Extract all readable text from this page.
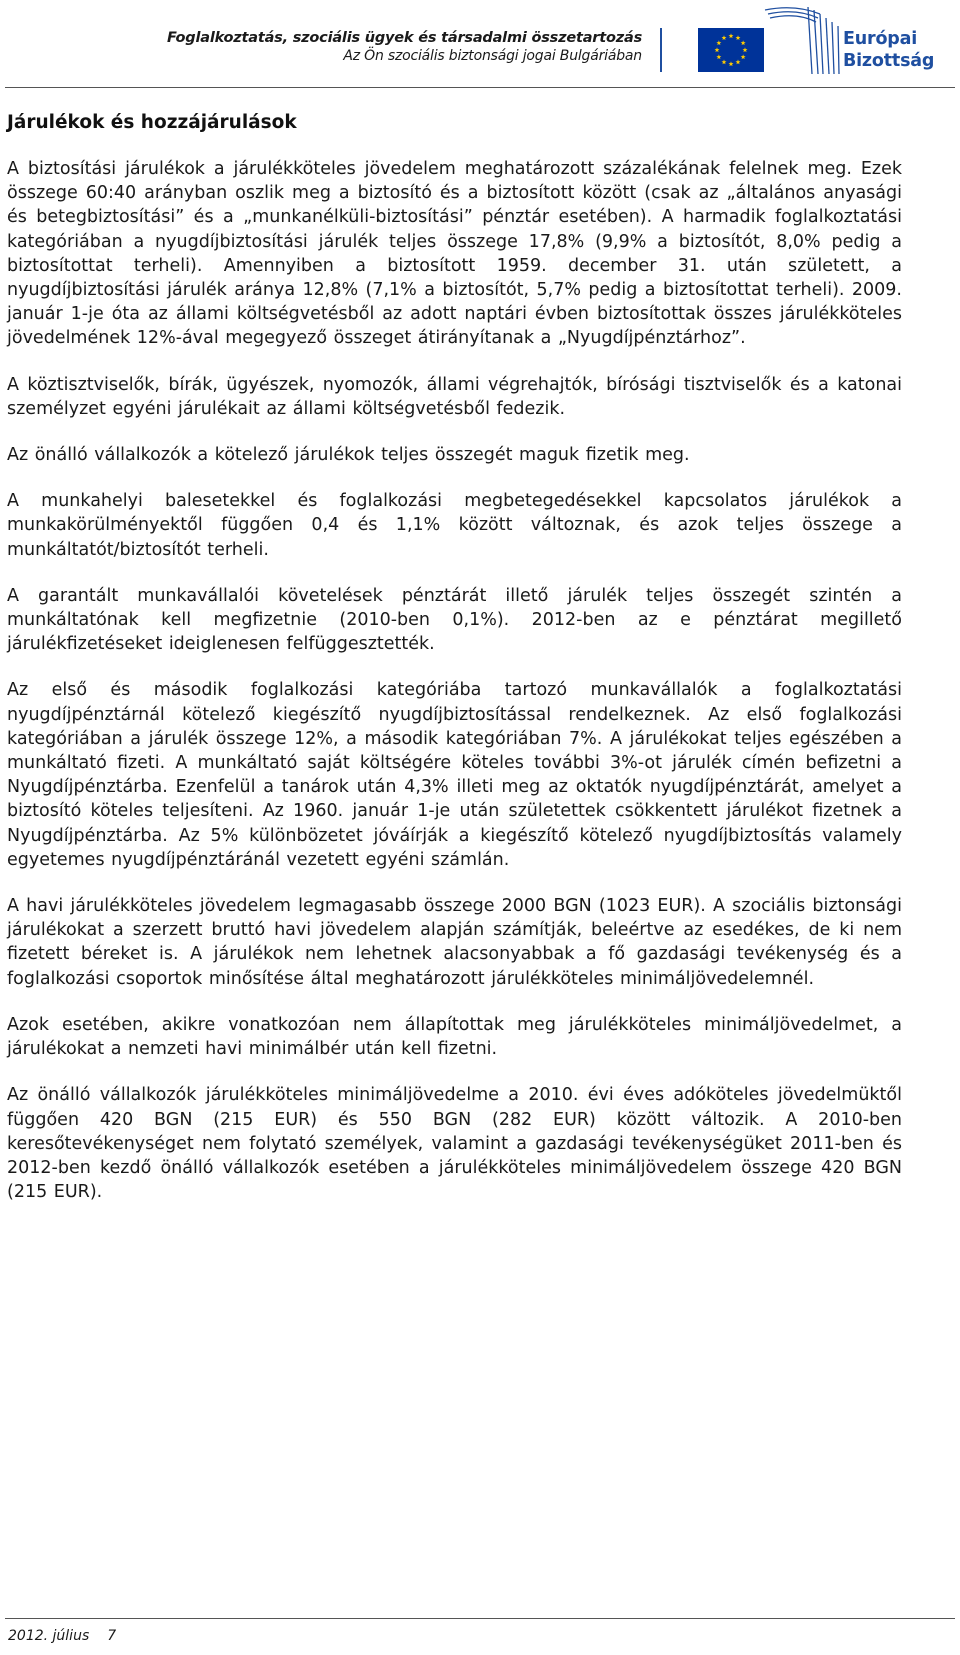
Foglalkoztatás, szociális ügyek és társadalmi összetartozás
Az Ön szociális biztonsági jogai Bulgáriában
Európai
Bizottság
Járulékok és hozzájárulások

A biztosítási járulékok a járulékköteles jövedelem meghatározott százalékának felelnek meg. Ezek összege 60:40 arányban oszlik meg a biztosító és a biztosított között (csak az „általános anyasági és betegbiztosítási” és a „munkanélküli-biztosítási” pénztár esetében). A harmadik foglalkoztatási kategóriában a nyugdíjbiztosítási járulék teljes összege 17,8% (9,9% a biztosítót, 8,0% pedig a biztosítottat terheli). Amennyiben a biztosított 1959. december 31. után született, a nyugdíjbiztosítási járulék aránya 12,8% (7,1% a biztosítót, 5,7% pedig a biztosítottat terheli). 2009. január 1-je óta az állami költségvetésből az adott naptári évben biztosítottak összes járulékköteles jövedelmének 12%-ával megegyező összeget átirányítanak a „Nyugdíjpénztárhoz”.

A köztisztviselők, bírák, ügyészek, nyomozók, állami végrehajtók, bírósági tisztviselők és a katonai személyzet egyéni járulékait az állami költségvetésből fedezik.

Az önálló vállalkozók a kötelező járulékok teljes összegét maguk fizetik meg.

A munkahelyi balesetekkel és foglalkozási megbetegedésekkel kapcsolatos járulékok a munkakörülményektől függően 0,4 és 1,1% között változnak, és azok teljes összege a munkáltatót/biztosítót terheli.

A garantált munkavállalói követelések pénztárát illető járulék teljes összegét szintén a munkáltatónak kell megfizetnie (2010-ben 0,1%). 2012-ben az e pénztárat megillető járulékfizetéseket ideiglenesen felfüggesztették.

Az első és második foglalkozási kategóriába tartozó munkavállalók a foglalkoztatási nyugdíjpénztárnál kötelező kiegészítő nyugdíjbiztosítással rendelkeznek. Az első foglalkozási kategóriában a járulék összege 12%, a második kategóriában 7%. A járulékokat teljes egészében a munkáltató fizeti. A munkáltató saját költségére köteles további 3%-ot járulék címén befizetni a Nyugdíjpénztárba. Ezenfelül a tanárok után 4,3% illeti meg az oktatók nyugdíjpénztárát, amelyet a biztosító köteles teljesíteni. Az 1960. január 1-je után születettek csökkentett járulékot fizetnek a Nyugdíjpénztárba. Az 5% különbözetet jóváírják a kiegészítő kötelező nyugdíjbiztosítás valamely egyetemes nyugdíjpénztáránál vezetett egyéni számlán.

A havi járulékköteles jövedelem legmagasabb összege 2000 BGN (1023 EUR). A szociális biztonsági járulékokat a szerzett bruttó havi jövedelem alapján számítják, beleértve az esedékes, de ki nem fizetett béreket is. A járulékok nem lehetnek alacsonyabbak a fő gazdasági tevékenység és a foglalkozási csoportok minősítése által meghatározott járulékköteles minimáljövedelemnél.

Azok esetében, akikre vonatkozóan nem állapítottak meg járulékköteles minimáljövedelmet, a járulékokat a nemzeti havi minimálbér után kell fizetni.

Az önálló vállalkozók járulékköteles minimáljövedelme a 2010. évi éves adóköteles jövedelmüktől függően 420 BGN (215 EUR) és 550 BGN (282 EUR) között változik. A 2010-ben keresőtevékenységet nem folytató személyek, valamint a gazdasági tevékenységüket 2011-ben és 2012-ben kezdő önálló vállalkozók esetében a járulékköteles minimáljövedelem összege 420 BGN (215 EUR).

2012. július 7
